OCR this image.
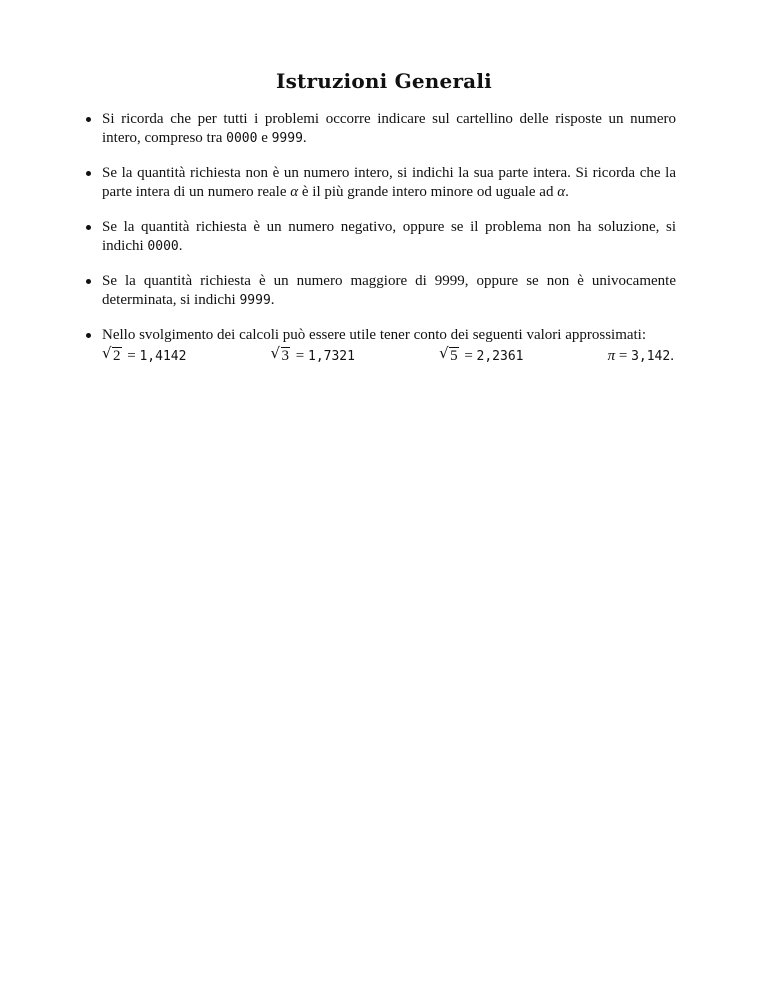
Istruzioni Generali
Si ricorda che per tutti i problemi occorre indicare sul cartellino delle risposte un numero intero, compreso tra 0000 e 9999.
Se la quantità richiesta non è un numero intero, si indichi la sua parte intera. Si ricorda che la parte intera di un numero reale α è il più grande intero minore od uguale ad α.
Se la quantità richiesta è un numero negativo, oppure se il problema non ha soluzione, si indichi 0000.
Se la quantità richiesta è un numero maggiore di 9999, oppure se non è univocamente determinata, si indichi 9999.
Nello svolgimento dei calcoli può essere utile tener conto dei seguenti valori approssimati:
√ 2 = 1,4142	√ 3 = 1,7321	√ 5 = 2,2361	π = 3,142.
